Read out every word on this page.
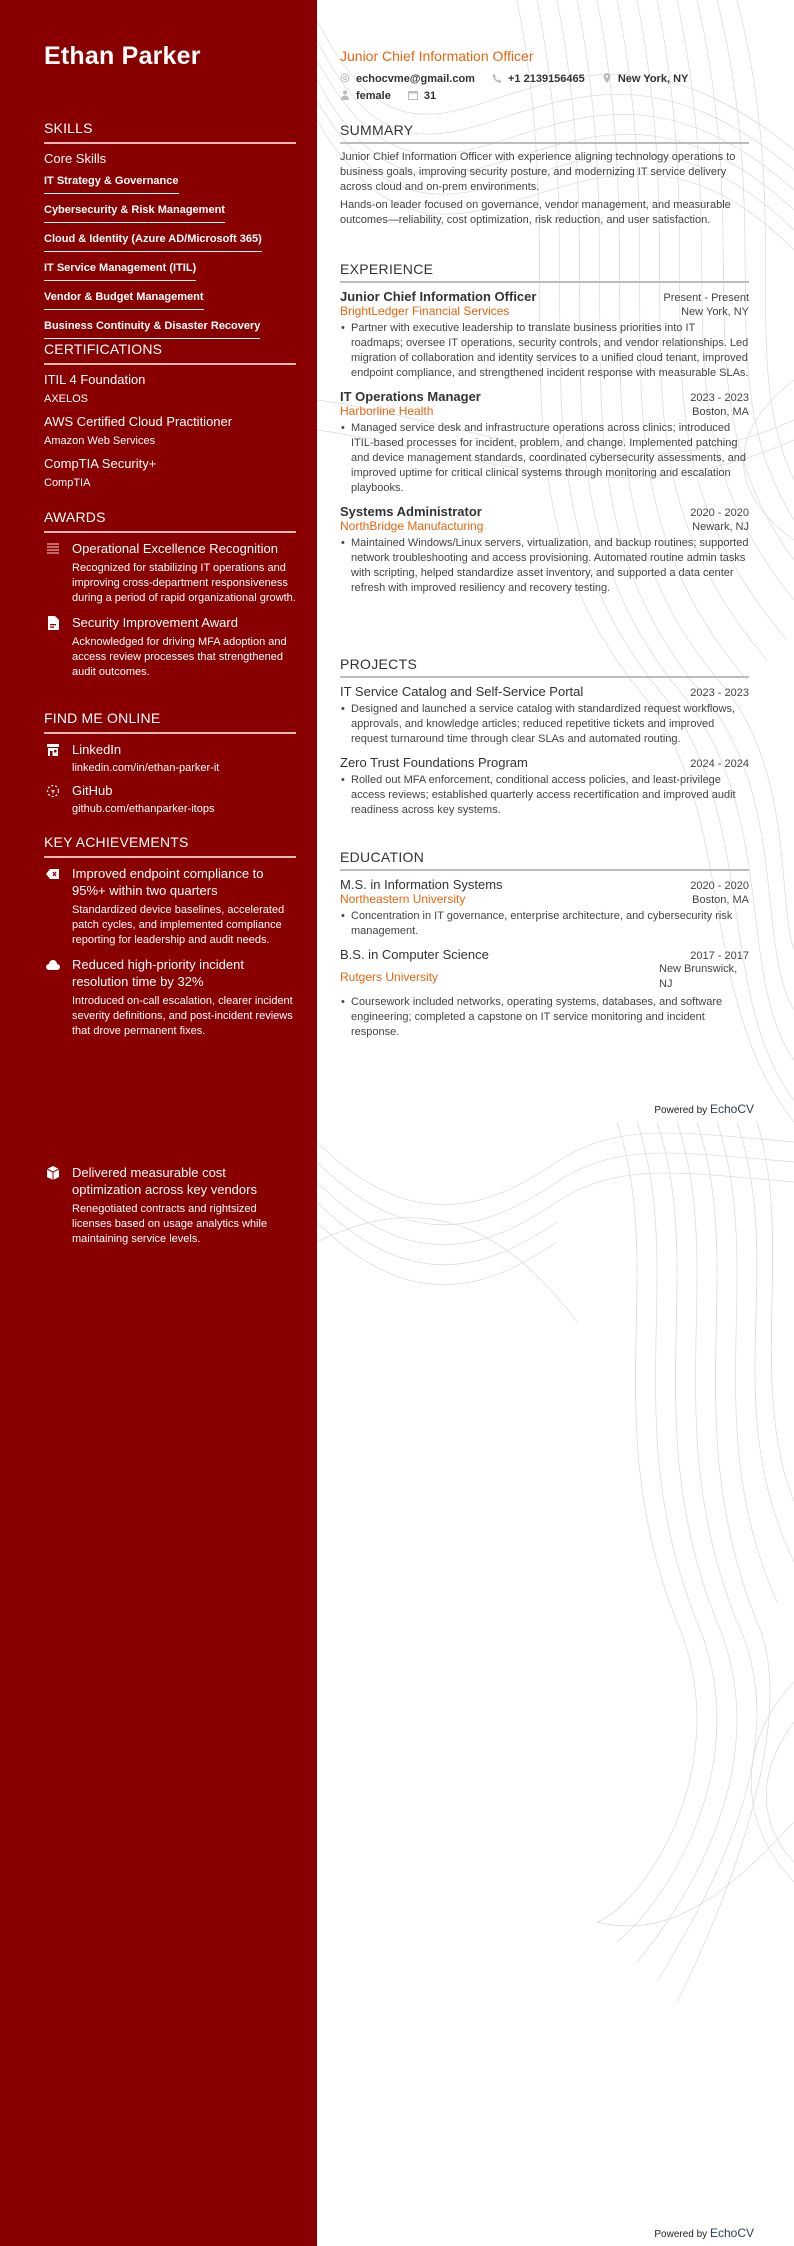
Ethan Parker
SKILLS
Core Skills
IT Strategy & Governance
Cybersecurity & Risk Management
Cloud & Identity (Azure AD/Microsoft 365)
IT Service Management (ITIL)
Vendor & Budget Management
Business Continuity & Disaster Recovery
CERTIFICATIONS
ITIL 4 Foundation
AXELOS
AWS Certified Cloud Practitioner
Amazon Web Services
CompTIA Security+
CompTIA
AWARDS
Operational Excellence Recognition
Recognized for stabilizing IT operations and improving cross-department responsiveness during a period of rapid organizational growth.
Security Improvement Award
Acknowledged for driving MFA adoption and access review processes that strengthened audit outcomes.
FIND ME ONLINE
LinkedIn
linkedin.com/in/ethan-parker-it
GitHub
github.com/ethanparker-itops
KEY ACHIEVEMENTS
Improved endpoint compliance to 95%+ within two quarters
Standardized device baselines, accelerated patch cycles, and implemented compliance reporting for leadership and audit needs.
Reduced high-priority incident resolution time by 32%
Introduced on-call escalation, clearer incident severity definitions, and post-incident reviews that drove permanent fixes.
Junior Chief Information Officer
echocvme@gmail.com	+1 2139156465	New York, NY female	31
SUMMARY
Junior Chief Information Officer with experience aligning technology operations to business goals, improving security posture, and modernizing IT service delivery across cloud and on-prem environments.
Hands-on leader focused on governance, vendor management, and measurable outcomes—reliability, cost optimization, risk reduction, and user satisfaction.
EXPERIENCE
Junior Chief Information Officer	Present - Present
BrightLedger Financial Services	New York, NY
• Partner with executive leadership to translate business priorities into IT roadmaps; oversee IT operations, security controls, and vendor relationships. Led migration of collaboration and identity services to a unified cloud tenant, improved endpoint compliance, and strengthened incident response with measurable SLAs.
IT Operations Manager	2023 - 2023
Harborline Health	Boston, MA
• Managed service desk and infrastructure operations across clinics; introduced ITIL-based processes for incident, problem, and change. Implemented patching and device management standards, coordinated cybersecurity assessments, and improved uptime for critical clinical systems through monitoring and escalation playbooks.
Systems Administrator	2020 - 2020
NorthBridge Manufacturing	Newark, NJ
• Maintained Windows/Linux servers, virtualization, and backup routines; supported network troubleshooting and access provisioning. Automated routine admin tasks with scripting, helped standardize asset inventory, and supported a data center refresh with improved resiliency and recovery testing.
PROJECTS
IT Service Catalog and Self-Service Portal	2023 - 2023
• Designed and launched a service catalog with standardized request workflows, approvals, and knowledge articles; reduced repetitive tickets and improved request turnaround time through clear SLAs and automated routing.
Zero Trust Foundations Program	2024 - 2024
• Rolled out MFA enforcement, conditional access policies, and least-privilege access reviews; established quarterly access recertification and improved audit readiness across key systems.
EDUCATION
M.S. in Information Systems	2020 - 2020
Northeastern University	Boston, MA
• Concentration in IT governance, enterprise architecture, and cybersecurity risk management.
B.S. in Computer Science	2017 - 2017
Rutgers University
New Brunswick, NJ
• Coursework included networks, operating systems, databases, and software engineering; completed a capstone on IT service monitoring and incident response.
Powered by EchoCV
Delivered measurable cost optimization across key vendors
Renegotiated contracts and rightsized licenses based on usage analytics while maintaining service levels.
Powered by EchoCV
